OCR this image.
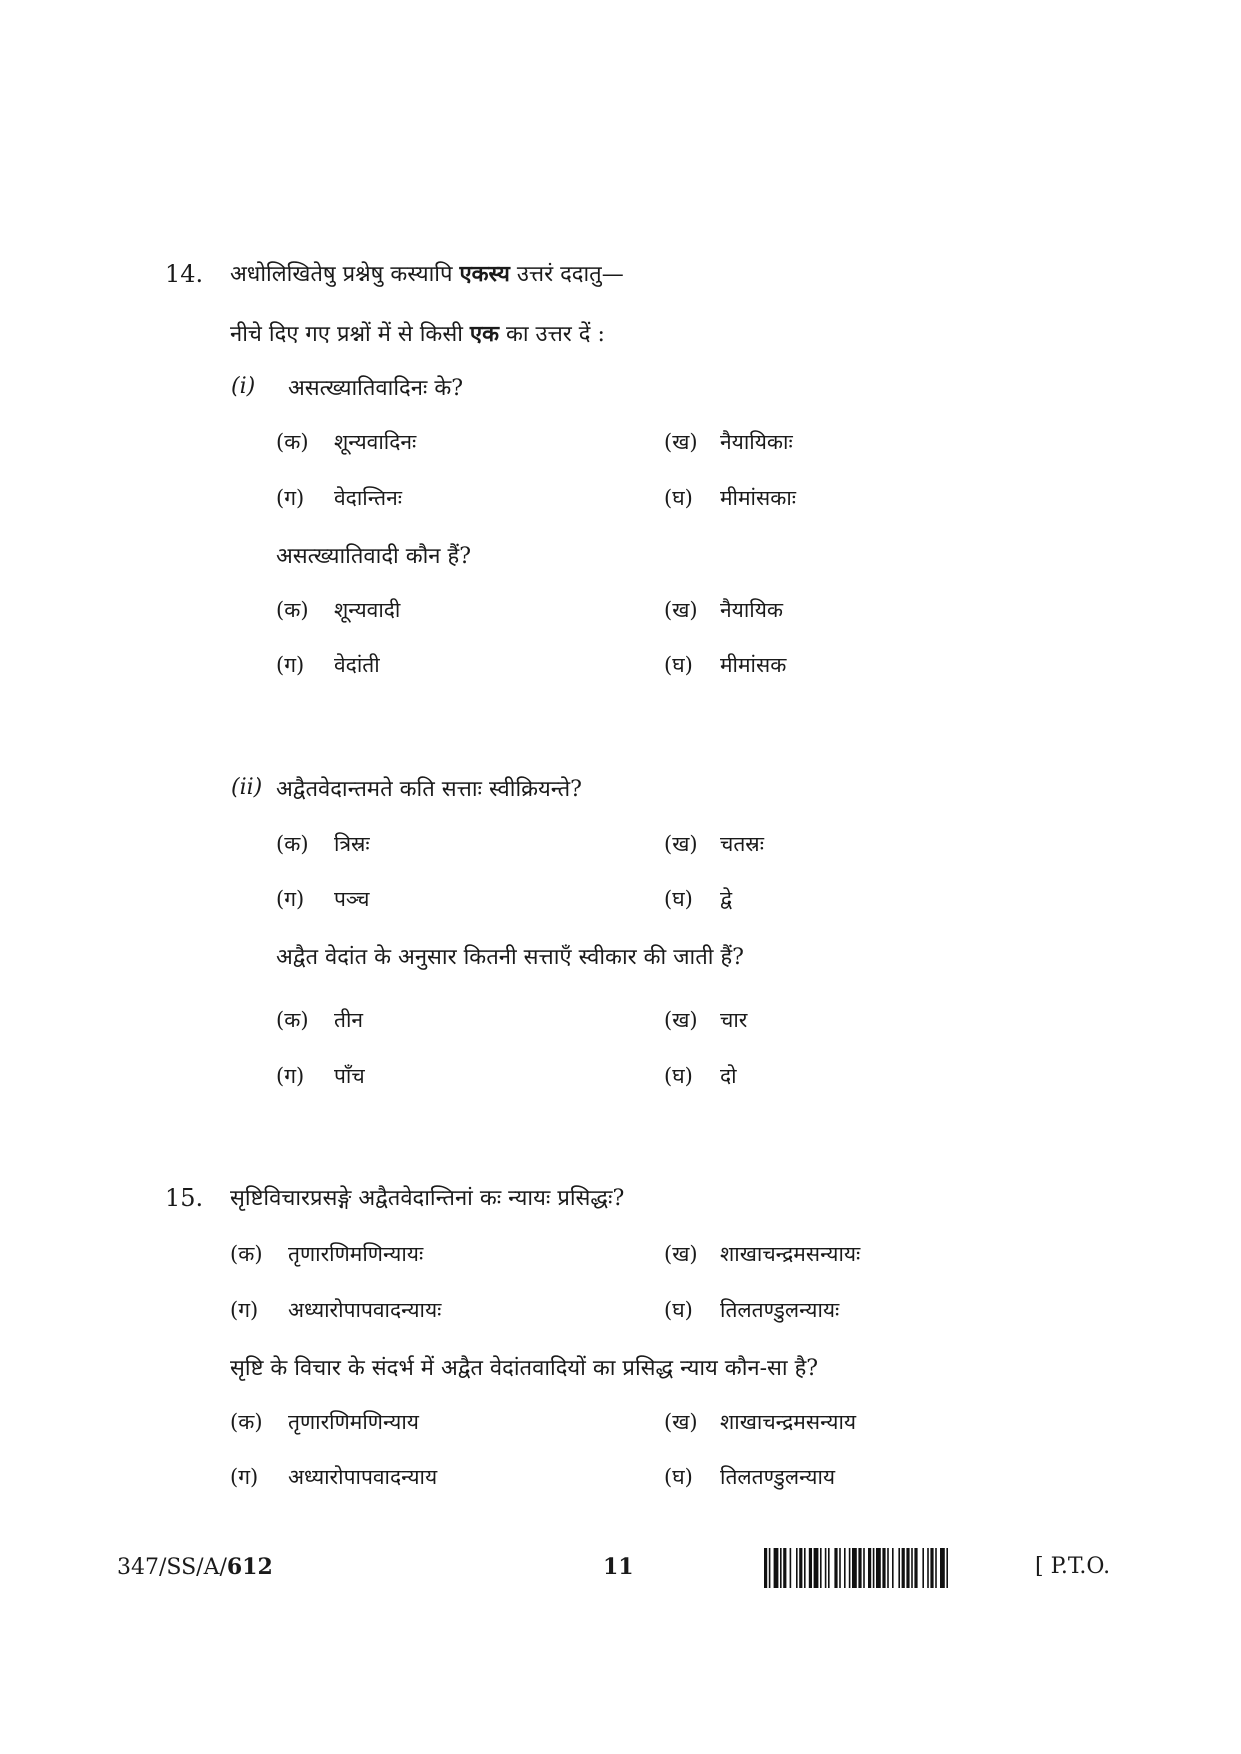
14. अधोलिखितेषु प्रश्नेषु कस्यापि एकस्य उत्तरं ददातु—
नीचे दिए गए प्रश्नों में से किसी एक का उत्तर दें :
(i) असत्ख्यातिवादिनः के?
(क) शून्यवादिनः	(ख) नैयायिकाः
(ग) वेदान्तिनः	(घ) मीमांसकाः
असत्ख्यातिवादी कौन हैं?
(क) शून्यवादी	(ख) नैयायिक
(ग) वेदांती	(घ) मीमांसक
(ii) अद्वैतवेदान्तमते कति सत्ताः स्वीक्रियन्ते?
(क) त्रिस्रः	(ख) चतस्रः
(ग) पञ्च	(घ) द्वे
अद्वैत वेदांत के अनुसार कितनी सत्ताएँ स्वीकार की जाती हैं?
(क) तीन	(ख) चार
(ग) पाँच	(घ) दो
15. सृष्टिविचारप्रसङ्गे अद्वैतवेदान्तिनां कः न्यायः प्रसिद्धः?
(क) तृणारणिमणिन्यायः	(ख) शाखाचन्द्रमसन्यायः
(ग) अध्यारोपापवादन्यायः	(घ) तिलतण्डुलन्यायः
सृष्टि के विचार के संदर्भ में अद्वैत वेदांतवादियों का प्रसिद्ध न्याय कौन-सा है?
(क) तृणारणिमणिन्याय	(ख) शाखाचन्द्रमसन्याय
(ग) अध्यारोपापवादन्याय	(घ) तिलतण्डुलन्याय
347/SS/A/612	11	[ P.T.O.
